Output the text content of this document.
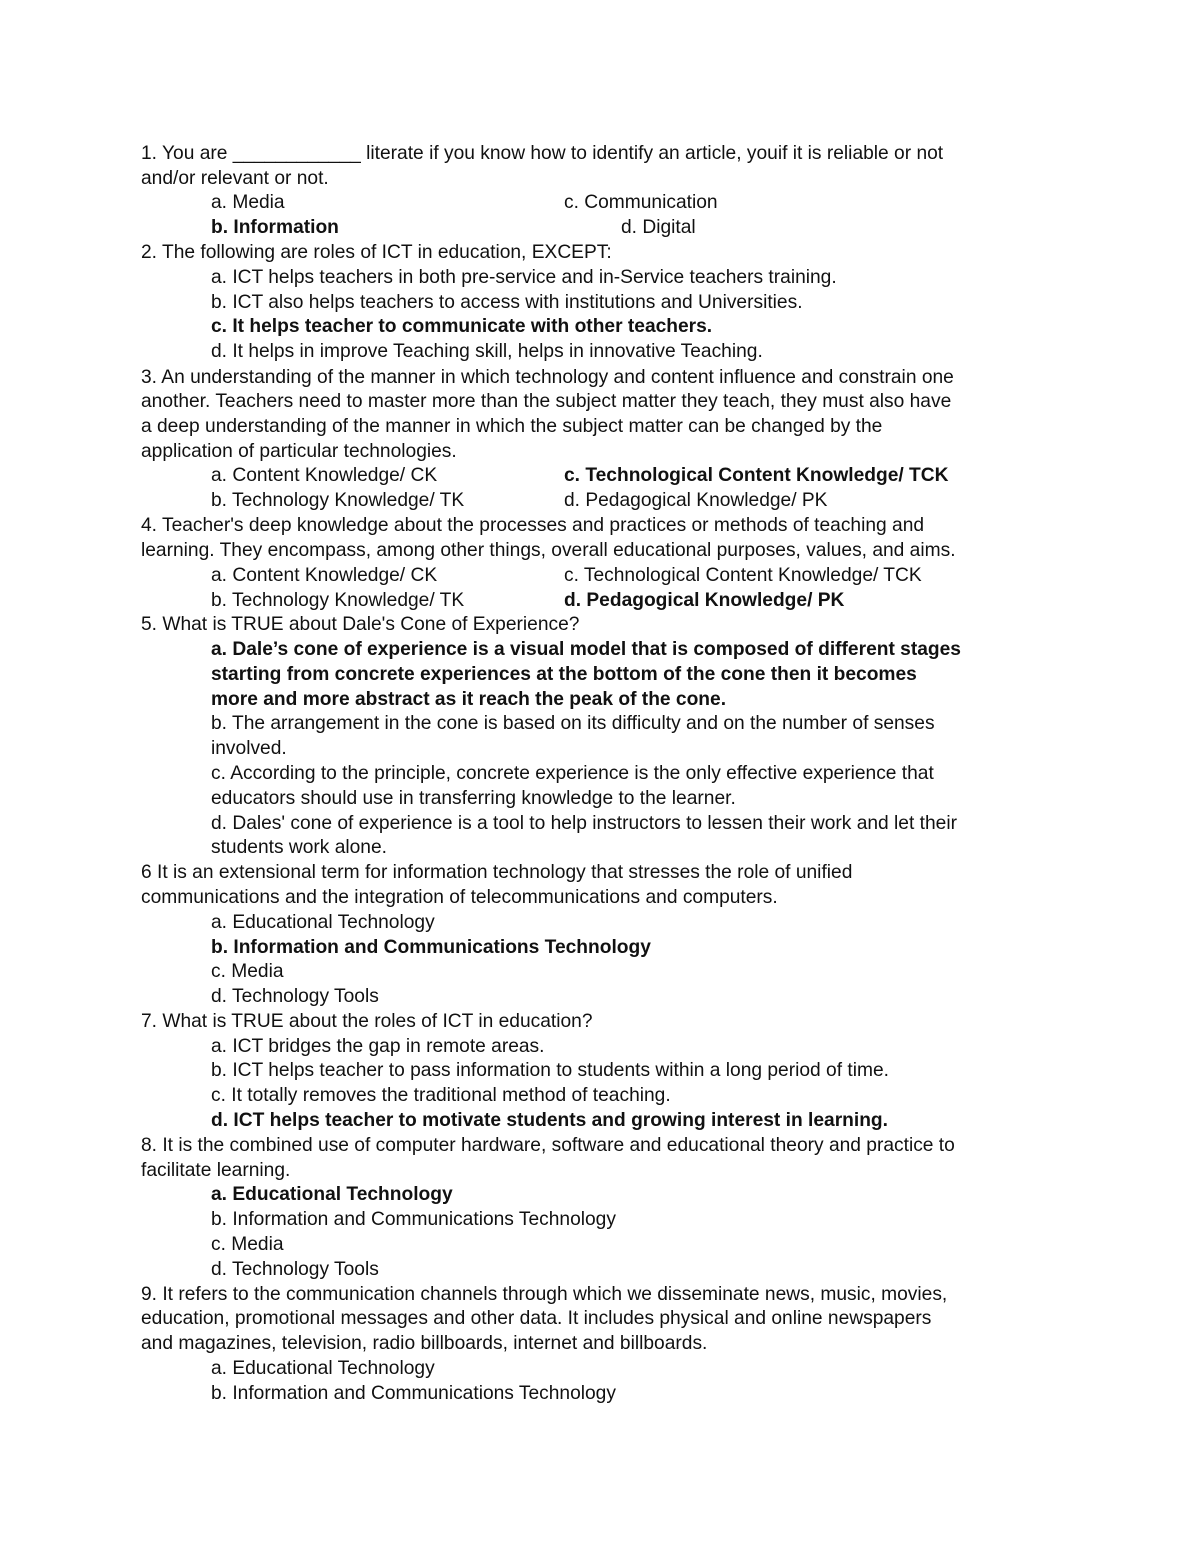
1. You are ____________ literate if you know how to identify an article, youif it is reliable or not
and/or relevant or not.
a. Media	c. Communication
b. Information	d. Digital
2. The following are roles of ICT in education, EXCEPT:
a. ICT helps teachers in both pre-service and in-Service teachers training.
b. ICT also helps teachers to access with institutions and Universities.
c. It helps teacher to communicate with other teachers.
d. It helps in improve Teaching skill, helps in innovative Teaching.
3. An understanding of the manner in which technology and content influence and constrain one
another. Teachers need to master more than the subject matter they teach, they must also have
a deep understanding of the manner in which the subject matter can be changed by the
application of particular technologies.
a. Content Knowledge/ CK	c. Technological Content Knowledge/ TCK
b. Technology Knowledge/ TK	d. Pedagogical Knowledge/ PK
4. Teacher's deep knowledge about the processes and practices or methods of teaching and
learning. They encompass, among other things, overall educational purposes, values, and aims.
a. Content Knowledge/ CK	c. Technological Content Knowledge/ TCK
b. Technology Knowledge/ TK	d. Pedagogical Knowledge/ PK
5. What is TRUE about Dale's Cone of Experience?
a. Dale’s cone of experience is a visual model that is composed of different stages
starting from concrete experiences at the bottom of the cone then it becomes
more and more abstract as it reach the peak of the cone.
b. The arrangement in the cone is based on its difficulty and on the number of senses
involved.
c. According to the principle, concrete experience is the only effective experience that
educators should use in transferring knowledge to the learner.
d. Dales' cone of experience is a tool to help instructors to lessen their work and let their
students work alone.
6 It is an extensional term for information technology that stresses the role of unified
communications and the integration of telecommunications and computers.
a. Educational Technology
b. Information and Communications Technology
c. Media
d. Technology Tools
7. What is TRUE about the roles of ICT in education?
a. ICT bridges the gap in remote areas.
b. ICT helps teacher to pass information to students within a long period of time.
c. It totally removes the traditional method of teaching.
d. ICT helps teacher to motivate students and growing interest in learning.
8. It is the combined use of computer hardware, software and educational theory and practice to
facilitate learning.
a. Educational Technology
b. Information and Communications Technology
c. Media
d. Technology Tools
9. It refers to the communication channels through which we disseminate news, music, movies,
education, promotional messages and other data. It includes physical and online newspapers
and magazines, television, radio billboards, internet and billboards.
a. Educational Technology
b. Information and Communications Technology
